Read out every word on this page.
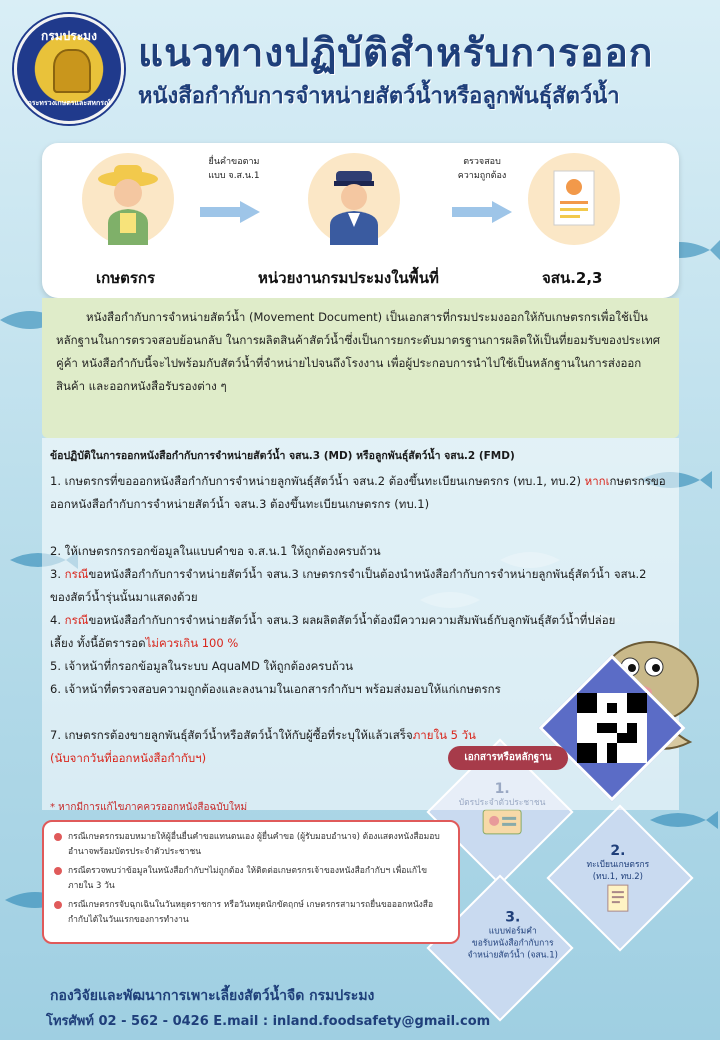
กรมประมง
กระทรวงเกษตรและสหกรณ์
แนวทางปฏิบัติสำหรับการออก
หนังสือกำกับการจำหน่ายสัตว์น้ำหรือลูกพันธุ์สัตว์น้ำ
เกษตรกร
ยื่นคำขอตาม
แบบ จ.ส.น.1
หน่วยงานกรมประมงในพื้นที่
ตรวจสอบ
ความถูกต้อง
จสน.2,3

หนังสือกำกับการจำหน่ายสัตว์น้ำ (Movement Document) เป็นเอกสารที่กรมประมงออกให้กับเกษตรกรเพื่อใช้เป็นหลักฐานในการตรวจสอบย้อนกลับ ในการผลิตสินค้าสัตว์น้ำซึ่งเป็นการยกระดับมาตรฐานการผลิตให้เป็นที่ยอมรับของประเทศคู่ค้า หนังสือกำกับนี้จะไปพร้อมกับสัตว์น้ำที่จำหน่ายไปจนถึงโรงงาน เพื่อผู้ประกอบการนำไปใช้เป็นหลักฐานในการส่งออกสินค้า และออกหนังสือรับรองต่าง ๆ

ข้อปฏิบัติในการออกหนังสือกำกับการจำหน่ายสัตว์น้ำ จสน.3 (MD) หรือลูกพันธุ์สัตว์น้ำ จสน.2 (FMD)
1. เกษตรกรที่ขอออกหนังสือกำกับการจำหน่ายลูกพันธุ์สัตว์น้ำ จสน.2 ต้องขึ้นทะเบียนเกษตรกร (ทบ.1, ทบ.2) หากเกษตรกรขอออกหนังสือกำกับการจำหน่ายสัตว์น้ำ จสน.3 ต้องขึ้นทะเบียนเกษตรกร (ทบ.1)
2. ให้เกษตรกรกรอกข้อมูลในแบบคำขอ จ.ส.น.1 ให้ถูกต้องครบถ้วน
3. กรณีขอหนังสือกำกับการจำหน่ายสัตว์น้ำ จสน.3 เกษตรกรจำเป็นต้องนำหนังสือกำกับการจำหน่ายลูกพันธุ์สัตว์น้ำ จสน.2 ของสัตว์น้ำรุ่นนั้นมาแสดงด้วย
4. กรณีขอหนังสือกำกับการจำหน่ายสัตว์น้ำ จสน.3 ผลผลิตสัตว์น้ำต้องมีความความสัมพันธ์กับลูกพันธุ์สัตว์น้ำที่ปล่อยเลี้ยง ทั้งนี้อัตรารอดไม่ควรเกิน 100 %
5. เจ้าหน้าที่กรอกข้อมูลในระบบ AquaMD ให้ถูกต้องครบถ้วน
6. เจ้าหน้าที่ตรวจสอบความถูกต้องและลงนามในเอกสารกำกับฯ พร้อมส่งมอบให้แก่เกษตรกร
7. เกษตรกรต้องขายลูกพันธุ์สัตว์น้ำหรือสัตว์น้ำให้กับผู้ซื้อที่ระบุให้แล้วเสร็จภายใน 5 วัน (นับจากวันที่ออกหนังสือกำกับฯ)
* หากมีการแก้ไขภาคควรออกหนังสือฉบับใหม่
กรณีเกษตรกรมอบหมายให้ผู้อื่นยื่นคำขอแทนตนเอง ผู้ยื่นคำขอ (ผู้รับมอบอำนาจ) ต้องแสดงหนังสือมอบอำนาจพร้อมบัตรประจำตัวประชาชน
กรณีตรวจพบว่าข้อมูลในหนังสือกำกับฯไม่ถูกต้อง ให้ติดต่อเกษตรกรเจ้าของหนังสือกำกับฯ เพื่อแก้ไขภายใน 3 วัน
กรณีเกษตรกรจับฉุกเฉินในวันหยุดราชการ หรือวันหยุดนักขัตฤกษ์ เกษตรกรสามารถยื่นขอออกหนังสือกำกับได้ในวันแรกของการทำงาน
เอกสารหรือหลักฐาน
2.
ทะเบียนเกษตรกร
(ทบ.1, ทบ.2)
3.
แบบฟอร์มคำ
ขอรับหนังสือกำกับการ
จำหน่ายสัตว์น้ำ (จสน.1)
กองวิจัยและพัฒนาการเพาะเลี้ยงสัตว์น้ำจืด กรมประมง
โทรศัพท์ 02 - 562 - 0426 E.mail : inland.foodsafety@gmail.com
